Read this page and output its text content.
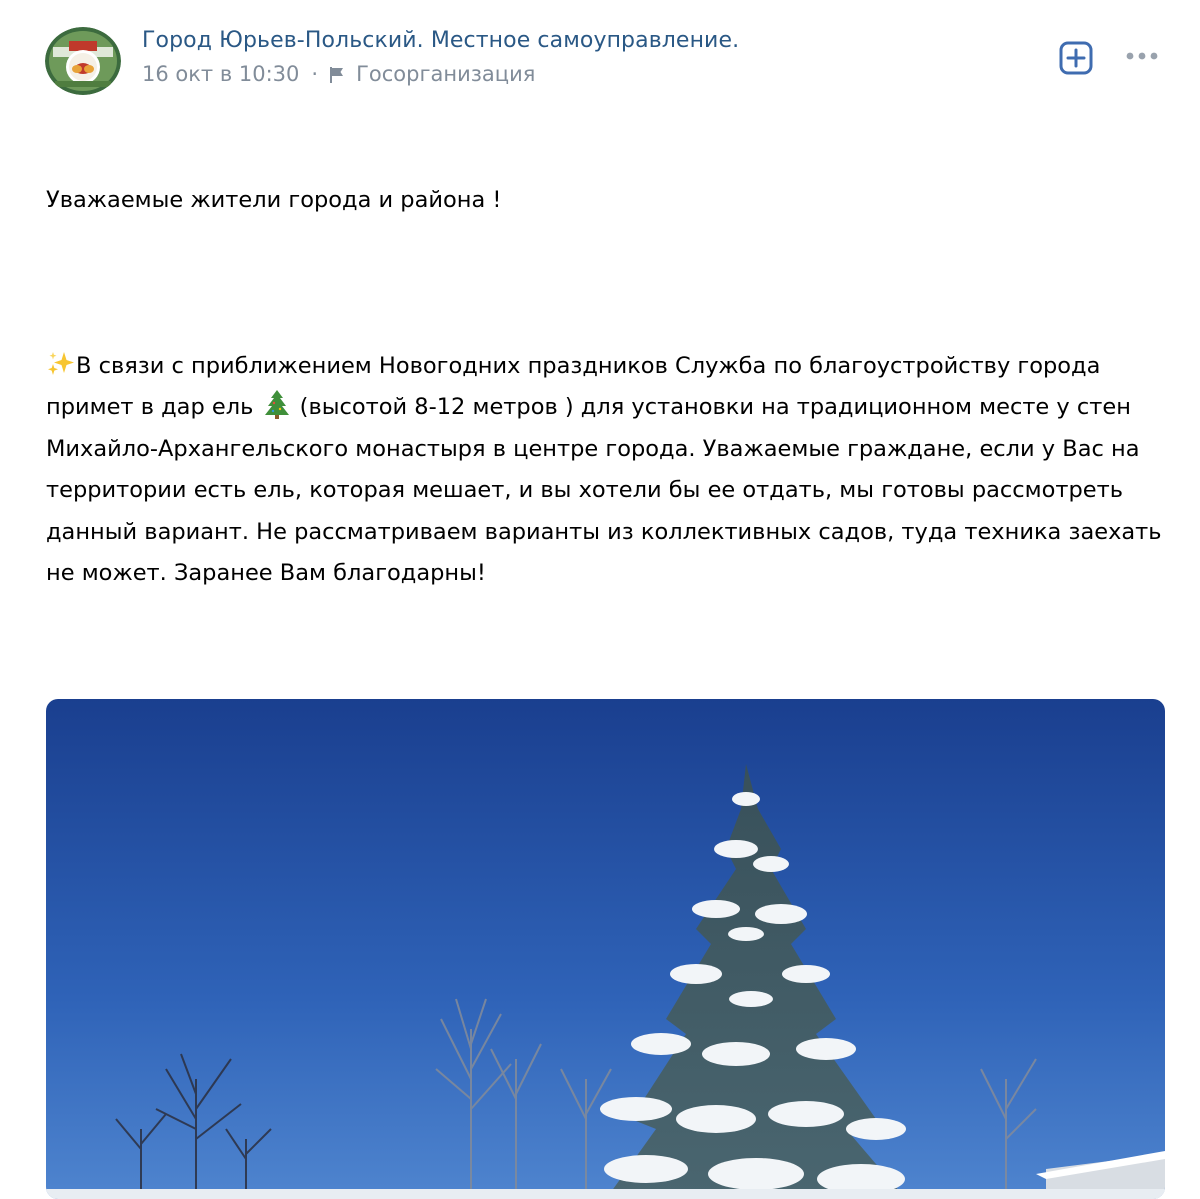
Город Юрьев-Польский. Местное самоуправление.
16 окт в 10:30 · Госорганизация

Уважаемые жители города и района !

В связи с приближением Новогодних праздников Служба по благоустройству города примет в дар ель  (высотой 8-12 метров ) для установки на традиционном месте у стен Михайло-Архангельского монастыря в центре города. Уважаемые граждане, если у Вас на территории есть ель, которая мешает, и вы хотели бы ее отдать, мы готовы рассмотреть данный вариант. Не рассматриваем варианты из коллективных садов, туда техника заехать не может. Заранее Вам благодарны!
